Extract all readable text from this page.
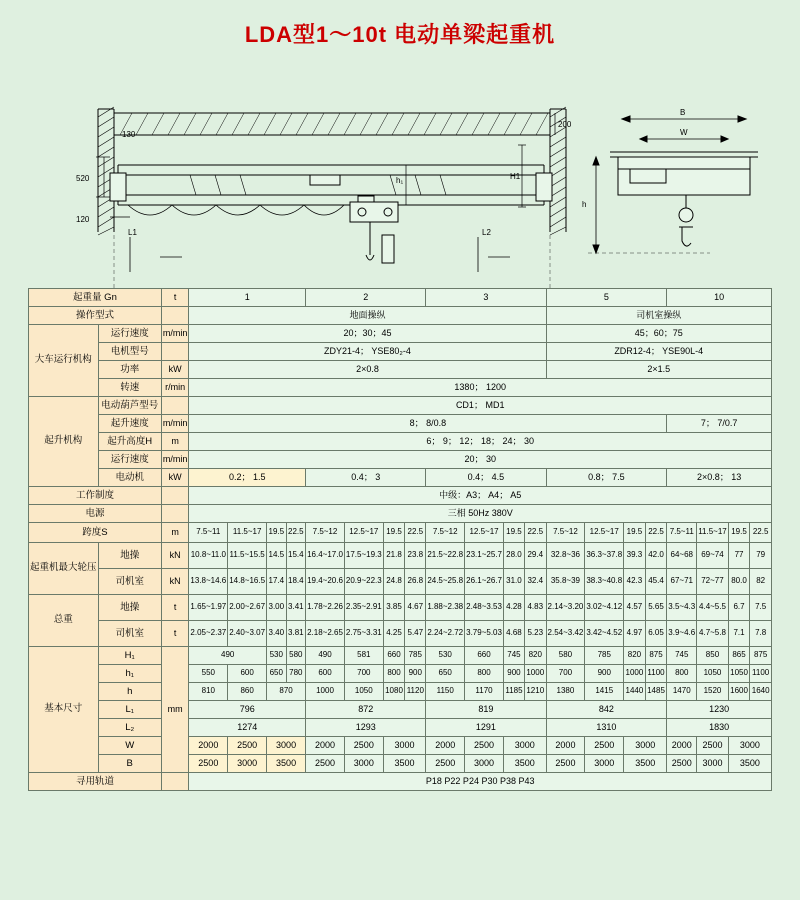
LDA型1～10t 电动单梁起重机
200
130
520
120
L1	L2
h₁	H1
B
W
h
起重量 Gn		t	1				2				3				5				10			
操作型式			地面操纵												司机室操纵							
大车运行机构	运行速度	m/min	20；30；45												45；60；75							
	电机型号		ZDY21-4； YSE80₂-4												ZDR12-4； YSE90L-4							
	功率	kW	2×0.8												2×1.5							
	转速	r/min	1380； 1200																			
起升机构	电动葫芦型号		CD1； MD1																			
	起升速度	m/min	8； 8/0.8																7； 7/0.7			
	起升高度H	m	6； 9； 12； 18； 24； 30																			
	运行速度	m/min	20； 30																			
	电动机	kW	0.2； 1.5				0.4； 3				0.4； 4.5				0.8； 7.5				2×0.8； 13			
工作制度			中级：A3； A4； A5																			
电源			三相 50Hz 380V																			
跨度S		m	7.5~11	11.5~17	19.5	22.5	7.5~12	12.5~17	19.5	22.5	7.5~12	12.5~17	19.5	22.5	7.5~12	12.5~17	19.5	22.5	7.5~11	11.5~17	19.5	22.5
起重机最大轮压	地操	kN	10.8~11.0	11.5~15.5	14.5	15.4	16.4~17.0	17.5~19.3	21.8	23.8	21.5~22.8	23.1~25.7	28.0	29.4	32.8~36	36.3~37.8	39.3	42.0	64~68	69~74	77	79
	司机室	kN	13.8~14.6	14.8~16.5	17.4	18.4	19.4~20.6	20.9~22.3	24.8	26.8	24.5~25.8	26.1~26.7	31.0	32.4	35.8~39	38.3~40.8	42.3	45.4	67~71	72~77	80.0	82
总重	地操	t	1.65~1.97	2.00~2.67	3.00	3.41	1.78~2.26	2.35~2.91	3.85	4.67	1.88~2.38	2.48~3.53	4.28	4.83	2.14~3.20	3.02~4.12	4.57	5.65	3.5~4.3	4.4~5.5	6.7	7.5
	司机室	t	2.05~2.37	2.40~3.07	3.40	3.81	2.18~2.65	2.75~3.31	4.25	5.47	2.24~2.72	3.79~5.03	4.68	5.23	2.54~3.42	3.42~4.52	4.97	6.05	3.9~4.6	4.7~5.8	7.1	7.8
基本尺寸	H₁	mm	490		530	580	490	581	660	785	530	660	745	820	580	785	820	875	745	850	865	875
	h₁		550	600	650	780	600	700	800	900	650	800	900	1000	700	900	1000	1100	800	1050	1050	1100
	h		810	860	870		1000	1050	1080	1120	1150	1170	1185	1210	1380	1415	1440	1485	1470	1520	1600	1640
	L₁		796				872				819				842				1230			
	L₂		1274				1293				1291				1310				1830			
	W		2000	2500	3000		2000	2500	3000		2000	2500	3000		2000	2500	3000		2000	2500	3000	
	B		2500	3000	3500		2500	3000	3500		2500	3000	3500		2500	3000	3500		2500	3000	3500	
寻用轨道			P18 P22 P24 P30 P38 P43																			
